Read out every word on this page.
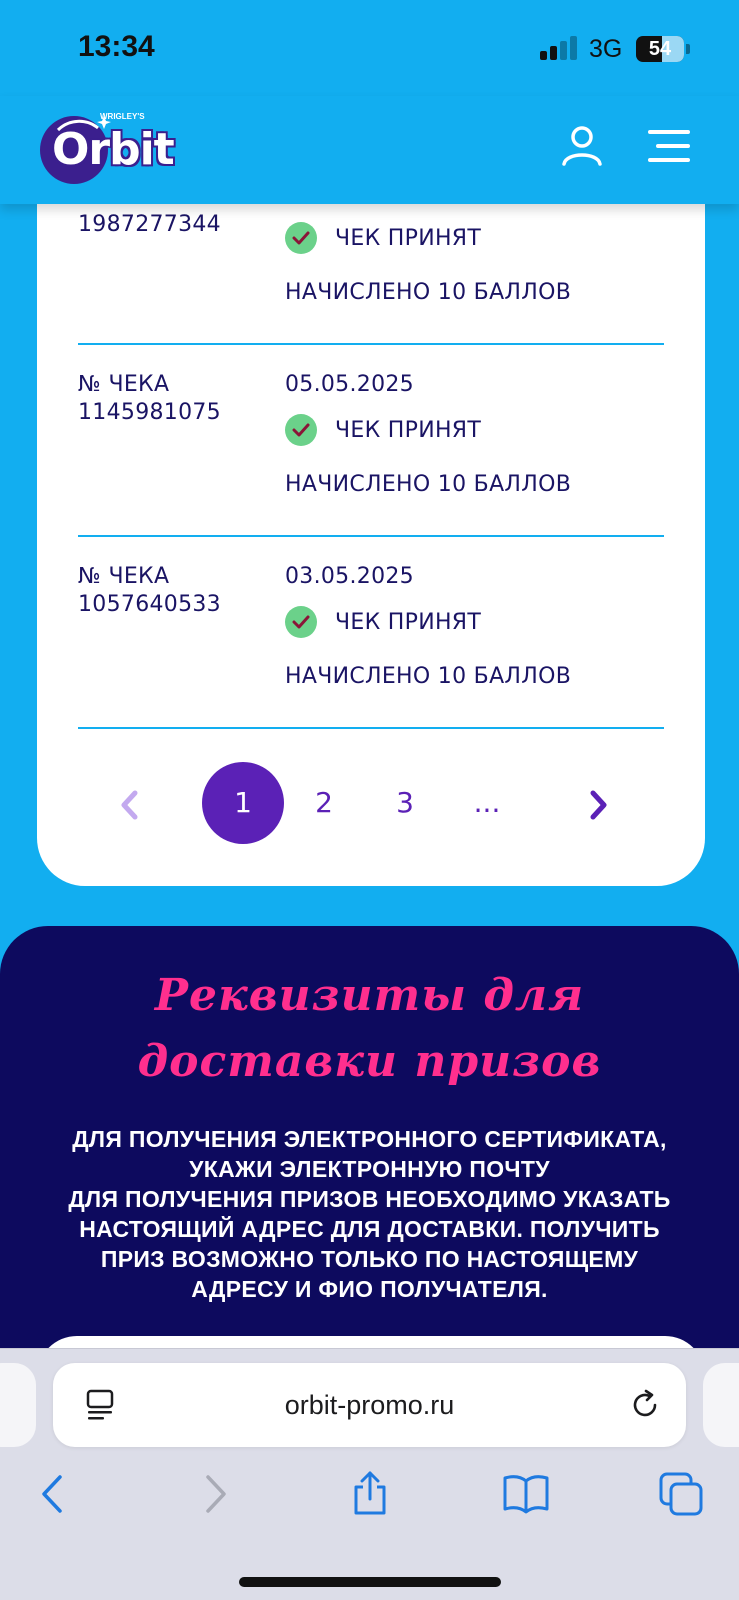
13:34	3G	54
1987277344
ЧЕК ПРИНЯТ
НАЧИСЛЕНО 10 БАЛЛОВ
№ ЧЕКА
1145981075
05.05.2025
ЧЕК ПРИНЯТ
НАЧИСЛЕНО 10 БАЛЛОВ
№ ЧЕКА
1057640533
03.05.2025
ЧЕК ПРИНЯТ
НАЧИСЛЕНО 10 БАЛЛОВ
1	2	3	...
WRIGLEY'S
Orbit
Реквизиты для
доставки призов
ДЛЯ ПОЛУЧЕНИЯ ЭЛЕКТРОННОГО СЕРТИФИКАТА,
УКАЖИ ЭЛЕКТРОННУЮ ПОЧТУ
ДЛЯ ПОЛУЧЕНИЯ ПРИЗОВ НЕОБХОДИМО УКАЗАТЬ
НАСТОЯЩИЙ АДРЕС ДЛЯ ДОСТАВКИ. ПОЛУЧИТЬ
ПРИЗ ВОЗМОЖНО ТОЛЬКО ПО НАСТОЯЩЕМУ
АДРЕСУ И ФИО ПОЛУЧАТЕЛЯ.
orbit-promo.ru
